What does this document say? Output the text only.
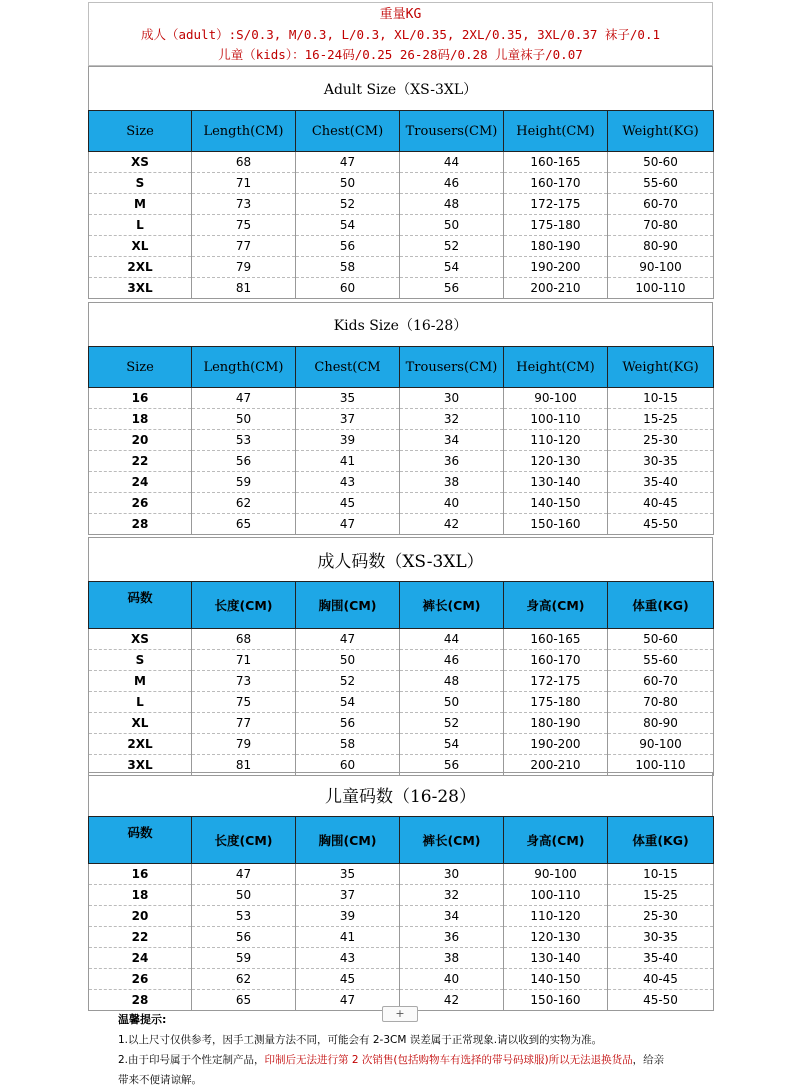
重量KG
成人（adult）:S/0.3, M/0.3, L/0.3, XL/0.35, 2XL/0.35, 3XL/0.37 袜子/0.1
儿童（kids）：16-24码/0.25 26-28码/0.28 儿童袜子/0.07
Adult Size（XS-3XL）
Size	Length(CM)	Chest(CM)	Trousers(CM)	Height(CM)	Weight(KG)
XS	68	47	44	160-165	50-60
S	71	50	46	160-170	55-60
M	73	52	48	172-175	60-70
L	75	54	50	175-180	70-80
XL	77	56	52	180-190	80-90
2XL	79	58	54	190-200	90-100
3XL	81	60	56	200-210	100-110
Kids Size（16-28）
Size	Length(CM)	Chest(CM	Trousers(CM)	Height(CM)	Weight(KG)
16	47	35	30	90-100	10-15
18	50	37	32	100-110	15-25
20	53	39	34	110-120	25-30
22	56	41	36	120-130	30-35
24	59	43	38	130-140	35-40
26	62	45	40	140-150	40-45
28	65	47	42	150-160	45-50
成人码数（XS-3XL）
码数	长度(CM)	胸围(CM)	裤长(CM)	身高(CM)	体重(KG)
XS	68	47	44	160-165	50-60
S	71	50	46	160-170	55-60
M	73	52	48	172-175	60-70
L	75	54	50	175-180	70-80
XL	77	56	52	180-190	80-90
2XL	79	58	54	190-200	90-100
3XL	81	60	56	200-210	100-110
儿童码数（16-28）
码数	长度(CM)	胸围(CM)	裤长(CM)	身高(CM)	体重(KG)
16	47	35	30	90-100	10-15
18	50	37	32	100-110	15-25
20	53	39	34	110-120	25-30
22	56	41	36	120-130	30-35
24	59	43	38	130-140	35-40
26	62	45	40	140-150	40-45
28	65	47	42	150-160	45-50
+
温馨提示:
1.以上尺寸仅供参考，因手工测量方法不同，可能会有 2-3CM 误差属于正常现象.请以收到的实物为准。
2.由于印号属于个性定制产品，印制后无法进行第 2 次销售(包括购物车有选择的带号码球服)所以无法退换货品，给亲
带来不便请谅解。
